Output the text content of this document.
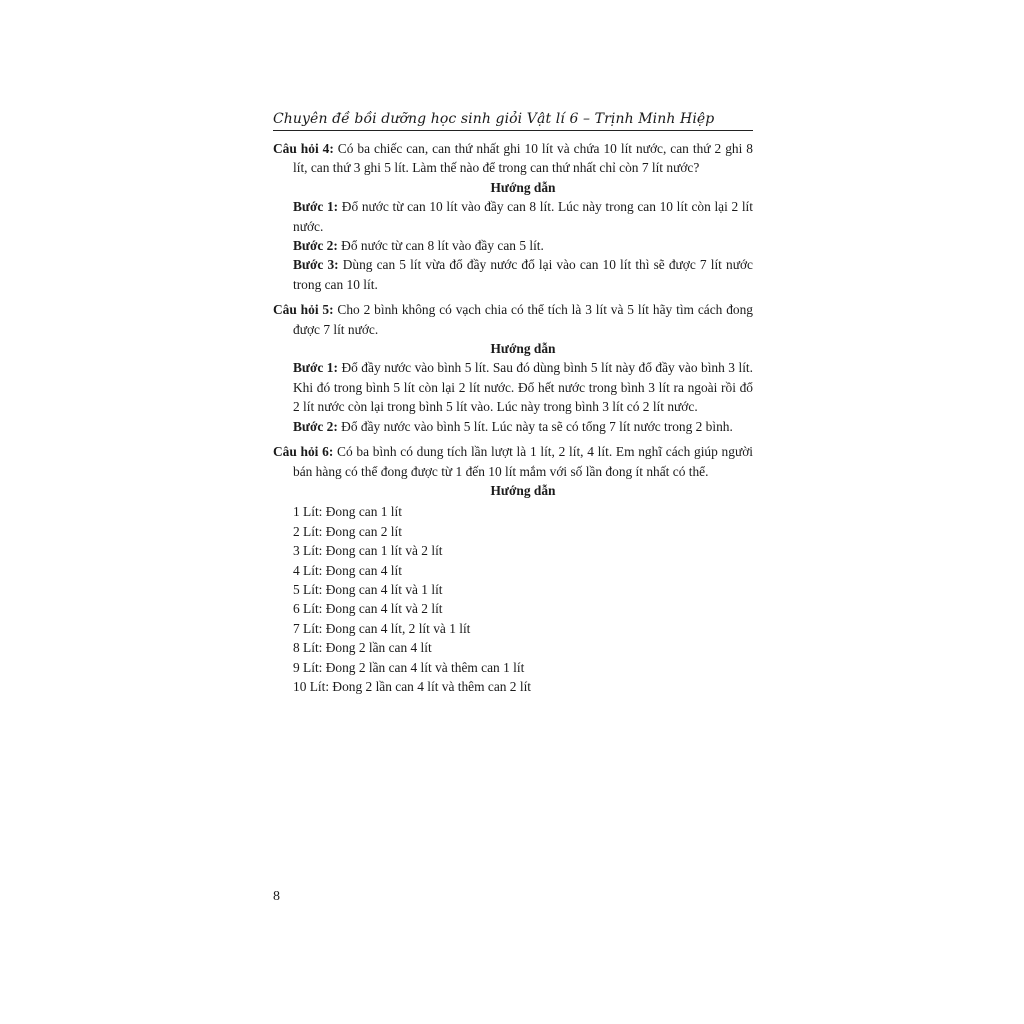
Chuyên đề bồi dưỡng học sinh giỏi Vật lí 6 – Trịnh Minh Hiệp

Câu hỏi 4: Có ba chiếc can, can thứ nhất ghi 10 lít và chứa 10 lít nước, can thứ 2 ghi 8 lít, can thứ 3 ghi 5 lít. Làm thế nào để trong can thứ nhất chỉ còn 7 lít nước?

Hướng dẫn

Bước 1: Đổ nước từ can 10 lít vào đầy can 8 lít. Lúc này trong can 10 lít còn lại 2 lít nước.

Bước 2: Đổ nước từ can 8 lít vào đầy can 5 lít.

Bước 3: Dùng can 5 lít vừa đổ đầy nước đổ lại vào can 10 lít thì sẽ được 7 lít nước trong can 10 lít.

Câu hỏi 5: Cho 2 bình không có vạch chia có thể tích là 3 lít và 5 lít hãy tìm cách đong được 7 lít nước.

Hướng dẫn

Bước 1: Đổ đầy nước vào bình 5 lít. Sau đó dùng bình 5 lít này đổ đầy vào bình 3 lít. Khi đó trong bình 5 lít còn lại 2 lít nước. Đổ hết nước trong bình 3 lít ra ngoài rồi đổ 2 lít nước còn lại trong bình 5 lít vào. Lúc này trong bình 3 lít có 2 lít nước.

Bước 2: Đổ đầy nước vào bình 5 lít. Lúc này ta sẽ có tổng 7 lít nước trong 2 bình.

Câu hỏi 6: Có ba bình có dung tích lần lượt là 1 lít, 2 lít, 4 lít. Em nghĩ cách giúp người bán hàng có thể đong được từ 1 đến 10 lít mắm với số lần đong ít nhất có thể.

Hướng dẫn

1 Lít: Đong can 1 lít

2 Lít: Đong can 2 lít

3 Lít: Đong can 1 lít và 2 lít

4 Lít: Đong can 4 lít

5 Lít: Đong can 4 lít và 1 lít

6 Lít: Đong can 4 lít và 2 lít

7 Lít: Đong can 4 lít, 2 lít và 1 lít

8 Lít: Đong 2 lần can 4 lít

9 Lít: Đong 2 lần can 4 lít và thêm can 1 lít

10 Lít: Đong 2 lần can 4 lít và thêm can 2 lít

8
